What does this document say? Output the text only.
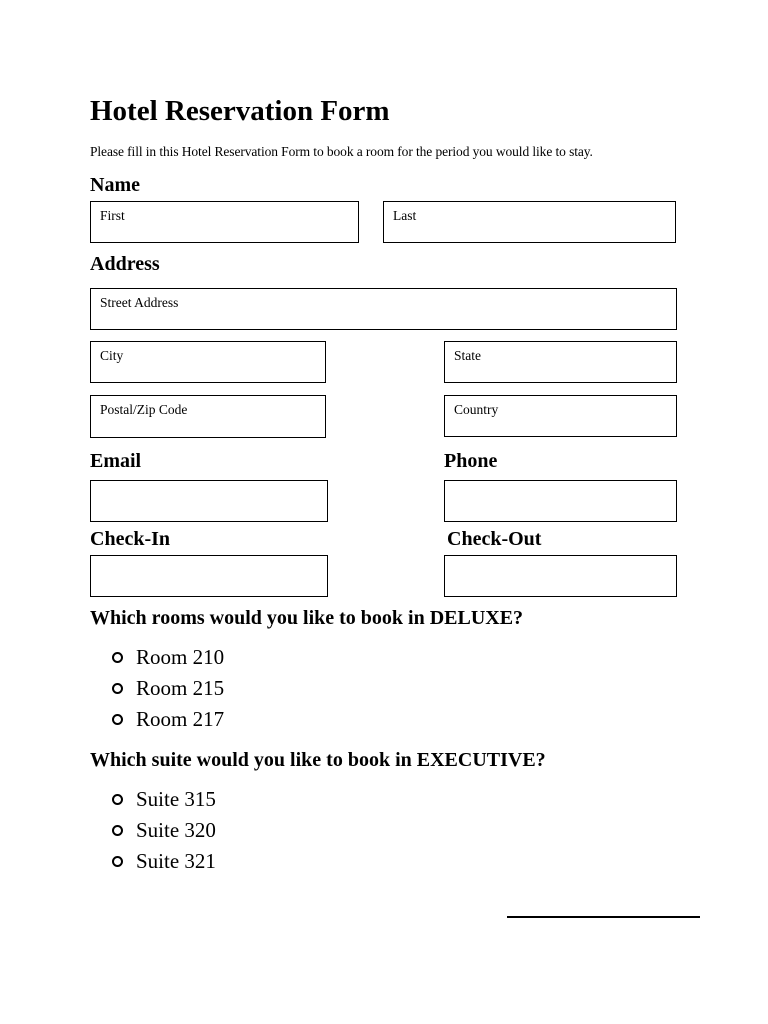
Hotel Reservation Form
Please fill in this Hotel Reservation Form to book a room for the period you would like to stay.
Name
First	Last
Address
Street Address
City	State
Postal/Zip Code	Country
Email	Phone
Check-In	Check-Out
Which rooms would you like to book in DELUXE?
Room 210
Room 215
Room 217
Which suite would you like to book in EXECUTIVE?
Suite 315
Suite 320
Suite 321
